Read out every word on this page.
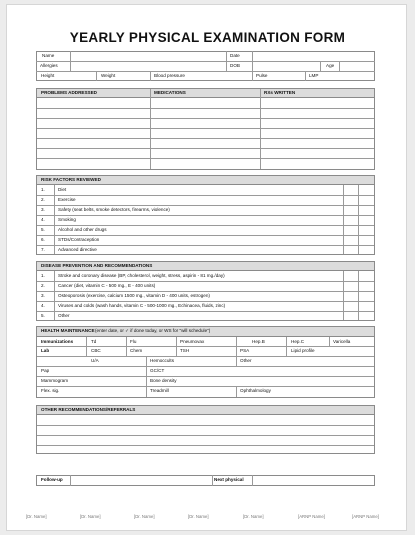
YEARLY PHYSICAL EXAMINATION FORM
Name	Date
Allergies	DOB	Age
Height	Weight	Blood pressure	Pulse	LMP
PROBLEMS ADDRESSED	MEDICATIONS	RXs WRITTEN
RISK FACTORS REVIEWED
1.	Diet
2.	Exercise
3.	Safety (seat belts, smoke detectors, firearms, violence)
4.	Smoking
5.	Alcohol and other drugs
6.	STDs/Contraception
7.	Advanced directive
DISEASE PREVENTION AND RECOMMENDATIONS
1.	Stroke and coronary disease (BP, cholesterol, weight, stress, aspirin - 81 mg./day)
2.	Cancer (diet, vitamin C - 500 mg., E - 400 units)
3.	Osteoporosis (exercise, calcium 1500 mg., vitamin D - 400 units, estrogen)
4.	Viruses and colds (wash hands, vitamin C - 500-1000 mg., Echinacea, fluids, zinc)
5.	Other
HEALTH MAINTENANCE (enter date, or ✓ if done today, or WS for "will schedule")
Immunizations	Td	Flu	Pneumovax	Hep.B	Hep.C	Varicella
Lab	CBC	Chem	TSH	PSA	Lipid profile
U/A	Hemoccults	Other
Pap	GC/CT
Mammogram	Bone density
Flex. sig.	Treadmill	Ophthalmology
OTHER RECOMMENDATIONS/REFERRALS
Follow-up	Next physical
[Dr. Name]	[Dr. Name]	[Dr. Name]	[Dr. Name]	[Dr. Name]	[ARNP Name]	[ARNP Name]
